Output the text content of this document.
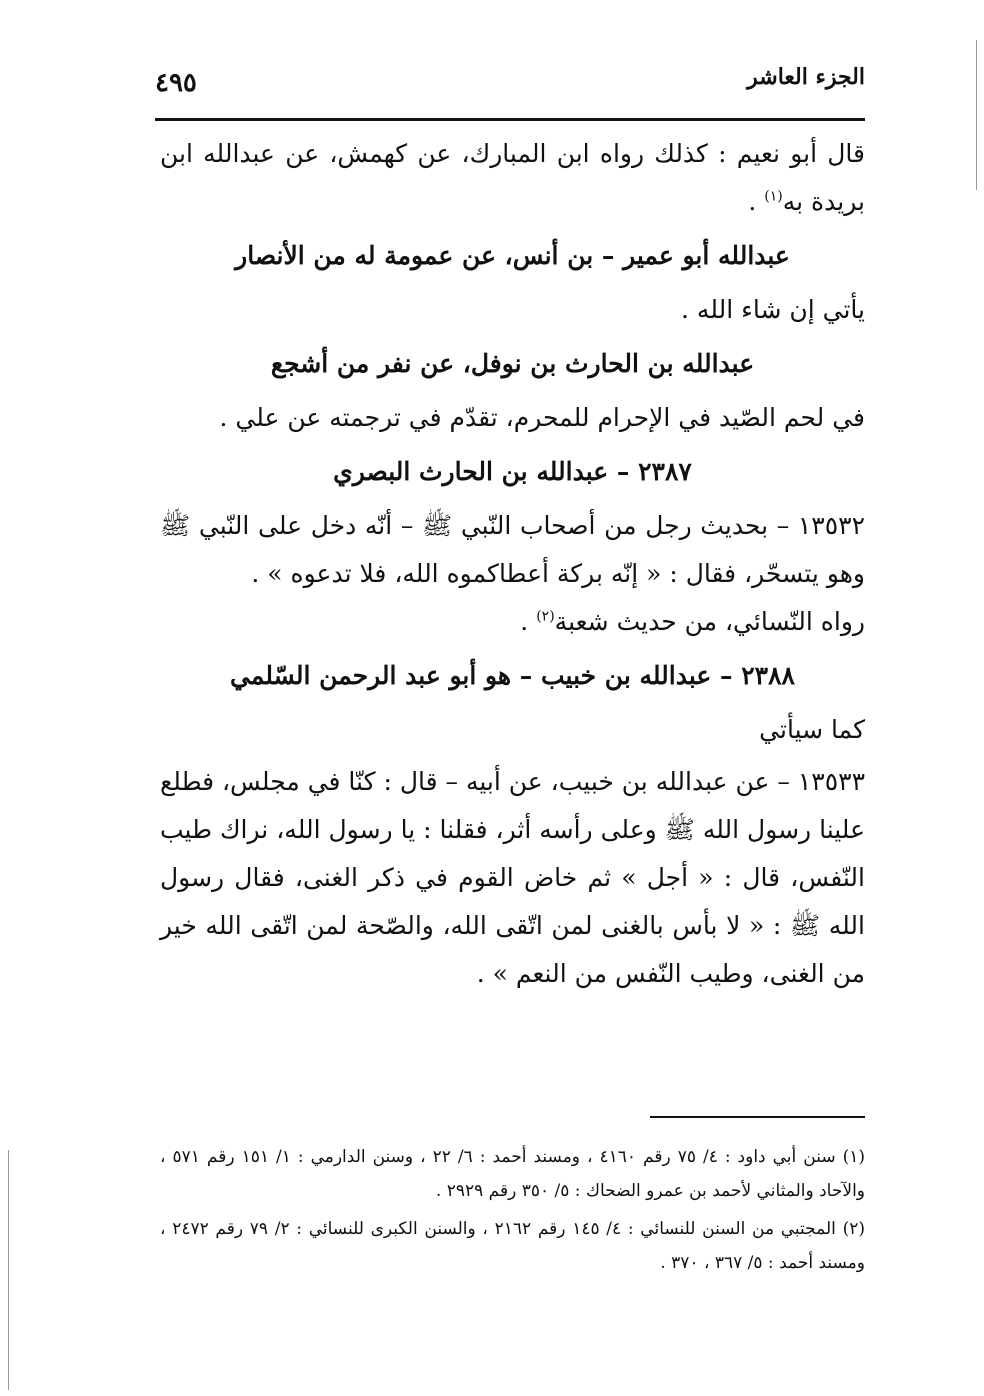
الجزء العاشر
٤٩٥

قال أبو نعيم : كذلك رواه ابن المبارك، عن كهمش، عن عبدالله ابن بريدة به$^{(١)}$ .

عبدالله أبو عمير – بن أنس، عن عمومة له من الأنصار

يأتي إن شاء الله .

عبدالله بن الحارث بن نوفل، عن نفر من أشجع

في لحم الصّيد في الإحرام للمحرم، تقدّم في ترجمته عن علي .

٢٣٨٧ – عبدالله بن الحارث البصري

١٣٥٣٢ – بحديث رجل من أصحاب النّبي ﷺ – أنّه دخل على النّبي ﷺ وهو يتسحّر، فقال : « إنّه بركة أعطاكموه الله، فلا تدعوه » .

رواه النّسائي، من حديث شعبة$^{(٢)}$ .

٢٣٨٨ – عبدالله بن خبيب – هو أبو عبد الرحمن السّلمي

كما سيأتي

١٣٥٣٣ – عن عبدالله بن خبيب، عن أبيه – قال : كنّا في مجلس، فطلع علينا رسول الله ﷺ وعلى رأسه أثر، فقلنا : يا رسول الله، نراك طيب النّفس، قال : « أجل » ثم خاض القوم في ذكر الغنى، فقال رسول الله ﷺ : « لا بأس بالغنى لمن اتّقى الله، والصّحة لمن اتّقى الله خير من الغنى، وطيب النّفس من النعم » .

(١) سنن أبي داود : ٤/ ٧٥ رقم ٤١٦٠ ، ومسند أحمد : ٦/ ٢٢ ، وسنن الدارمي : ١/ ١٥١ رقم ٥٧١ ، والآحاد والمثاني لأحمد بن عمرو الضحاك : ٥/ ٣٥٠ رقم ٢٩٢٩ .

(٢) المجتبي من السنن للنسائي : ٤/ ١٤٥ رقم ٢١٦٢ ، والسنن الكبرى للنسائي : ٢/ ٧٩ رقم ٢٤٧٢ ، ومسند أحمد : ٥/ ٣٦٧ ، ٣٧٠ .
